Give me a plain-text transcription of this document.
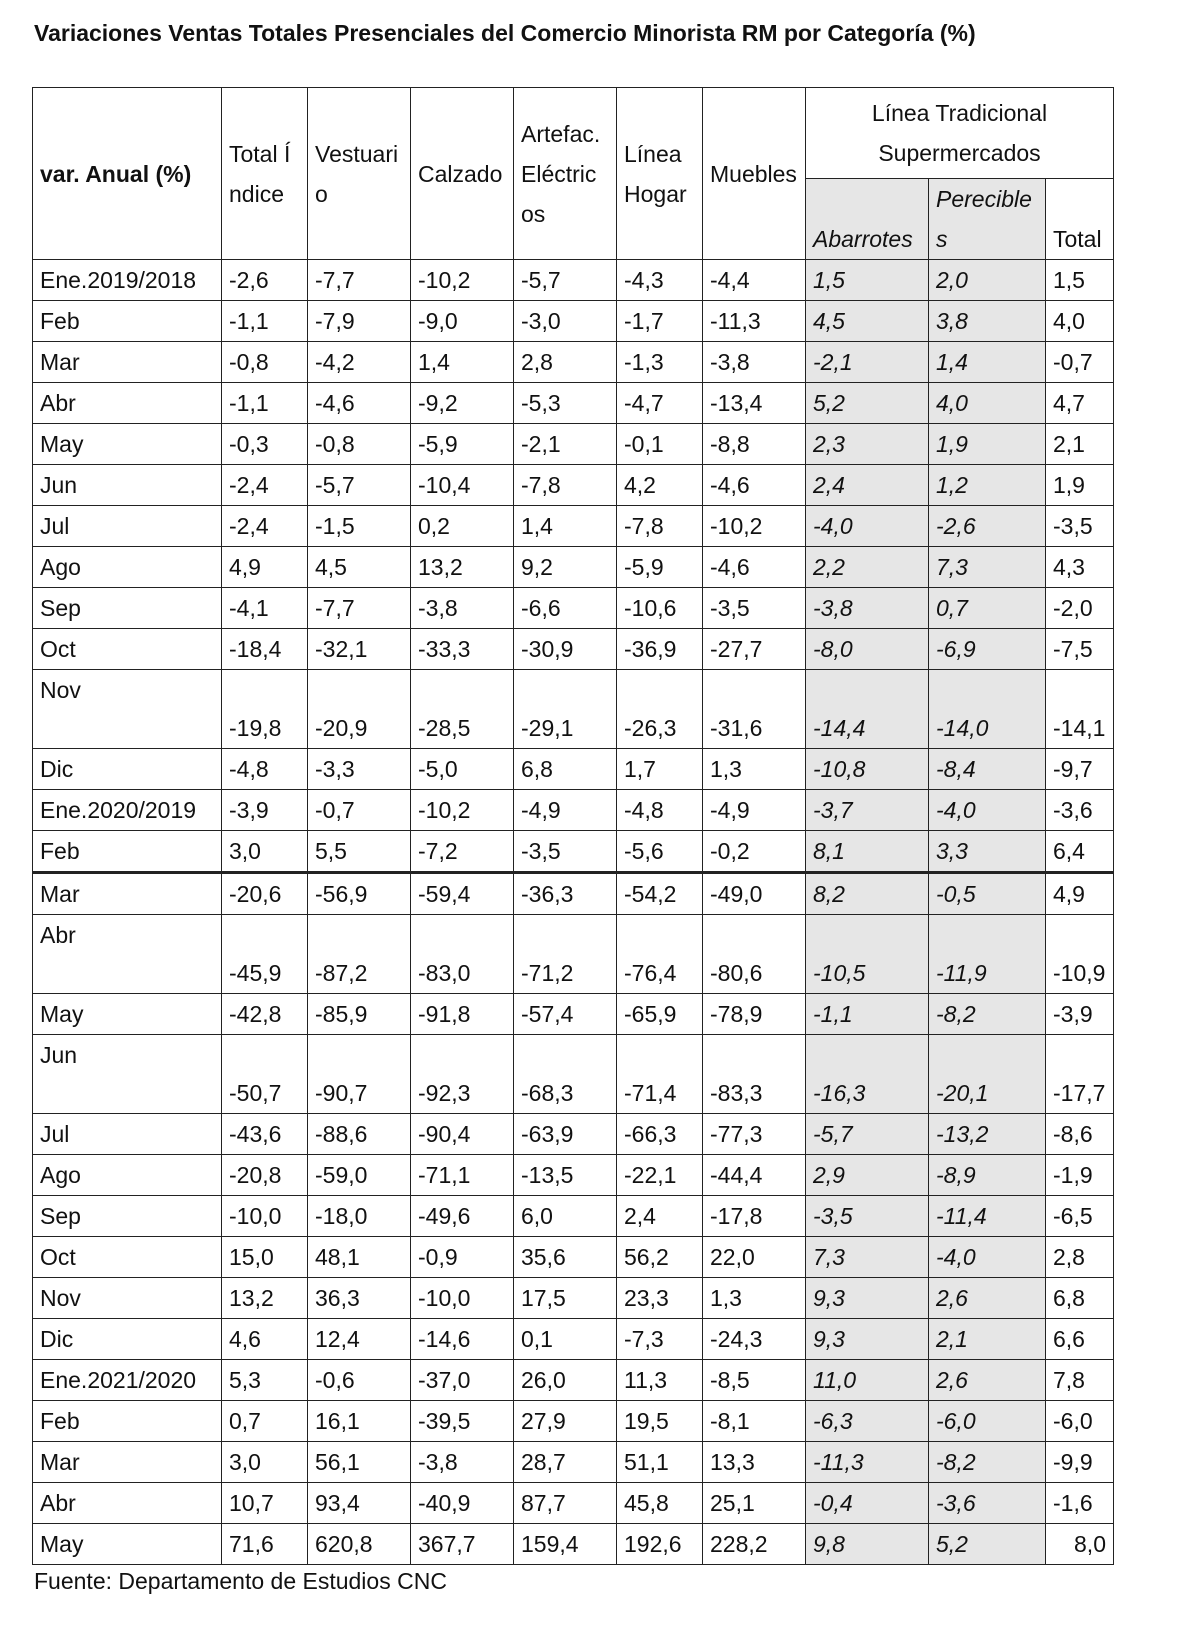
Variaciones Ventas Totales Presenciales del Comercio Minorista RM por Categoría (%)
var. Anual (%)	Total Índice	Vestuario	Calzado	Artefac. Eléctricos	Línea Hogar	Muebles	Línea Tradicional Supermercados		
							Abarrotes	Perecibles	Total
Ene.2019/2018	-2,6	-7,7	-10,2	-5,7	-4,3	-4,4	1,5	2,0	1,5
Feb	-1,1	-7,9	-9,0	-3,0	-1,7	-11,3	4,5	3,8	4,0
Mar	-0,8	-4,2	1,4	2,8	-1,3	-3,8	-2,1	1,4	-0,7
Abr	-1,1	-4,6	-9,2	-5,3	-4,7	-13,4	5,2	4,0	4,7
May	-0,3	-0,8	-5,9	-2,1	-0,1	-8,8	2,3	1,9	2,1
Jun	-2,4	-5,7	-10,4	-7,8	4,2	-4,6	2,4	1,2	1,9
Jul	-2,4	-1,5	0,2	1,4	-7,8	-10,2	-4,0	-2,6	-3,5
Ago	4,9	4,5	13,2	9,2	-5,9	-4,6	2,2	7,3	4,3
Sep	-4,1	-7,7	-3,8	-6,6	-10,6	-3,5	-3,8	0,7	-2,0
Oct	-18,4	-32,1	-33,3	-30,9	-36,9	-27,7	-8,0	-6,9	-7,5
Nov	-19,8	-20,9	-28,5	-29,1	-26,3	-31,6	-14,4	-14,0	-14,1
Dic	-4,8	-3,3	-5,0	6,8	1,7	1,3	-10,8	-8,4	-9,7
Ene.2020/2019	-3,9	-0,7	-10,2	-4,9	-4,8	-4,9	-3,7	-4,0	-3,6
Feb	3,0	5,5	-7,2	-3,5	-5,6	-0,2	8,1	3,3	6,4
Mar	-20,6	-56,9	-59,4	-36,3	-54,2	-49,0	8,2	-0,5	4,9
Abr	-45,9	-87,2	-83,0	-71,2	-76,4	-80,6	-10,5	-11,9	-10,9
May	-42,8	-85,9	-91,8	-57,4	-65,9	-78,9	-1,1	-8,2	-3,9
Jun	-50,7	-90,7	-92,3	-68,3	-71,4	-83,3	-16,3	-20,1	-17,7
Jul	-43,6	-88,6	-90,4	-63,9	-66,3	-77,3	-5,7	-13,2	-8,6
Ago	-20,8	-59,0	-71,1	-13,5	-22,1	-44,4	2,9	-8,9	-1,9
Sep	-10,0	-18,0	-49,6	6,0	2,4	-17,8	-3,5	-11,4	-6,5
Oct	15,0	48,1	-0,9	35,6	56,2	22,0	7,3	-4,0	2,8
Nov	13,2	36,3	-10,0	17,5	23,3	1,3	9,3	2,6	6,8
Dic	4,6	12,4	-14,6	0,1	-7,3	-24,3	9,3	2,1	6,6
Ene.2021/2020	5,3	-0,6	-37,0	26,0	11,3	-8,5	11,0	2,6	7,8
Feb	0,7	16,1	-39,5	27,9	19,5	-8,1	-6,3	-6,0	-6,0
Mar	3,0	56,1	-3,8	28,7	51,1	13,3	-11,3	-8,2	-9,9
Abr	10,7	93,4	-40,9	87,7	45,8	25,1	-0,4	-3,6	-1,6
May	71,6	620,8	367,7	159,4	192,6	228,2	9,8	5,2	8,0

Fuente: Departamento de Estudios CNC
